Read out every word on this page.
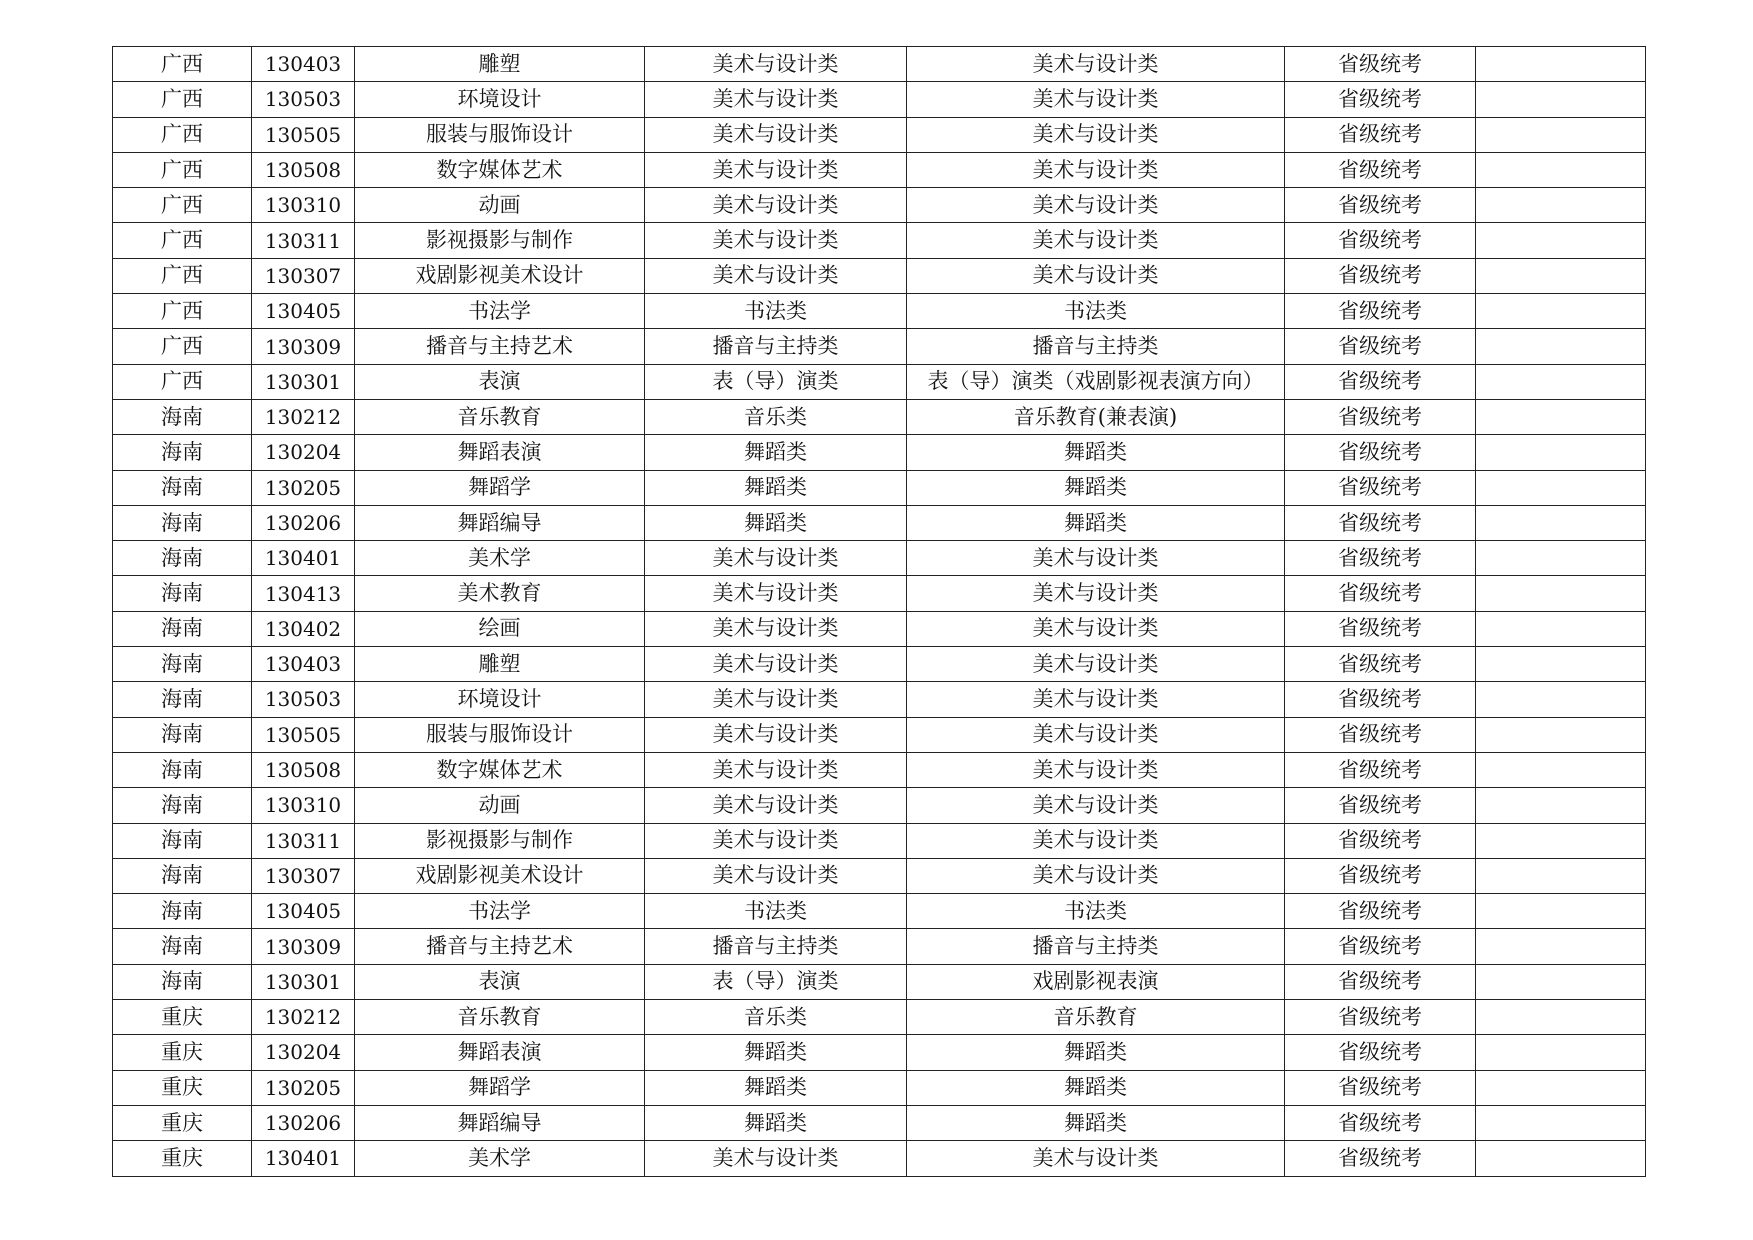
广西	130403	雕塑	美术与设计类	美术与设计类	省级统考	
广西	130503	环境设计	美术与设计类	美术与设计类	省级统考	
广西	130505	服装与服饰设计	美术与设计类	美术与设计类	省级统考	
广西	130508	数字媒体艺术	美术与设计类	美术与设计类	省级统考	
广西	130310	动画	美术与设计类	美术与设计类	省级统考	
广西	130311	影视摄影与制作	美术与设计类	美术与设计类	省级统考	
广西	130307	戏剧影视美术设计	美术与设计类	美术与设计类	省级统考	
广西	130405	书法学	书法类	书法类	省级统考	
广西	130309	播音与主持艺术	播音与主持类	播音与主持类	省级统考	
广西	130301	表演	表（导）演类	表（导）演类（戏剧影视表演方向）	省级统考	
海南	130212	音乐教育	音乐类	音乐教育(兼表演)	省级统考	
海南	130204	舞蹈表演	舞蹈类	舞蹈类	省级统考	
海南	130205	舞蹈学	舞蹈类	舞蹈类	省级统考	
海南	130206	舞蹈编导	舞蹈类	舞蹈类	省级统考	
海南	130401	美术学	美术与设计类	美术与设计类	省级统考	
海南	130413	美术教育	美术与设计类	美术与设计类	省级统考	
海南	130402	绘画	美术与设计类	美术与设计类	省级统考	
海南	130403	雕塑	美术与设计类	美术与设计类	省级统考	
海南	130503	环境设计	美术与设计类	美术与设计类	省级统考	
海南	130505	服装与服饰设计	美术与设计类	美术与设计类	省级统考	
海南	130508	数字媒体艺术	美术与设计类	美术与设计类	省级统考	
海南	130310	动画	美术与设计类	美术与设计类	省级统考	
海南	130311	影视摄影与制作	美术与设计类	美术与设计类	省级统考	
海南	130307	戏剧影视美术设计	美术与设计类	美术与设计类	省级统考	
海南	130405	书法学	书法类	书法类	省级统考	
海南	130309	播音与主持艺术	播音与主持类	播音与主持类	省级统考	
海南	130301	表演	表（导）演类	戏剧影视表演	省级统考	
重庆	130212	音乐教育	音乐类	音乐教育	省级统考	
重庆	130204	舞蹈表演	舞蹈类	舞蹈类	省级统考	
重庆	130205	舞蹈学	舞蹈类	舞蹈类	省级统考	
重庆	130206	舞蹈编导	舞蹈类	舞蹈类	省级统考	
重庆	130401	美术学	美术与设计类	美术与设计类	省级统考	
